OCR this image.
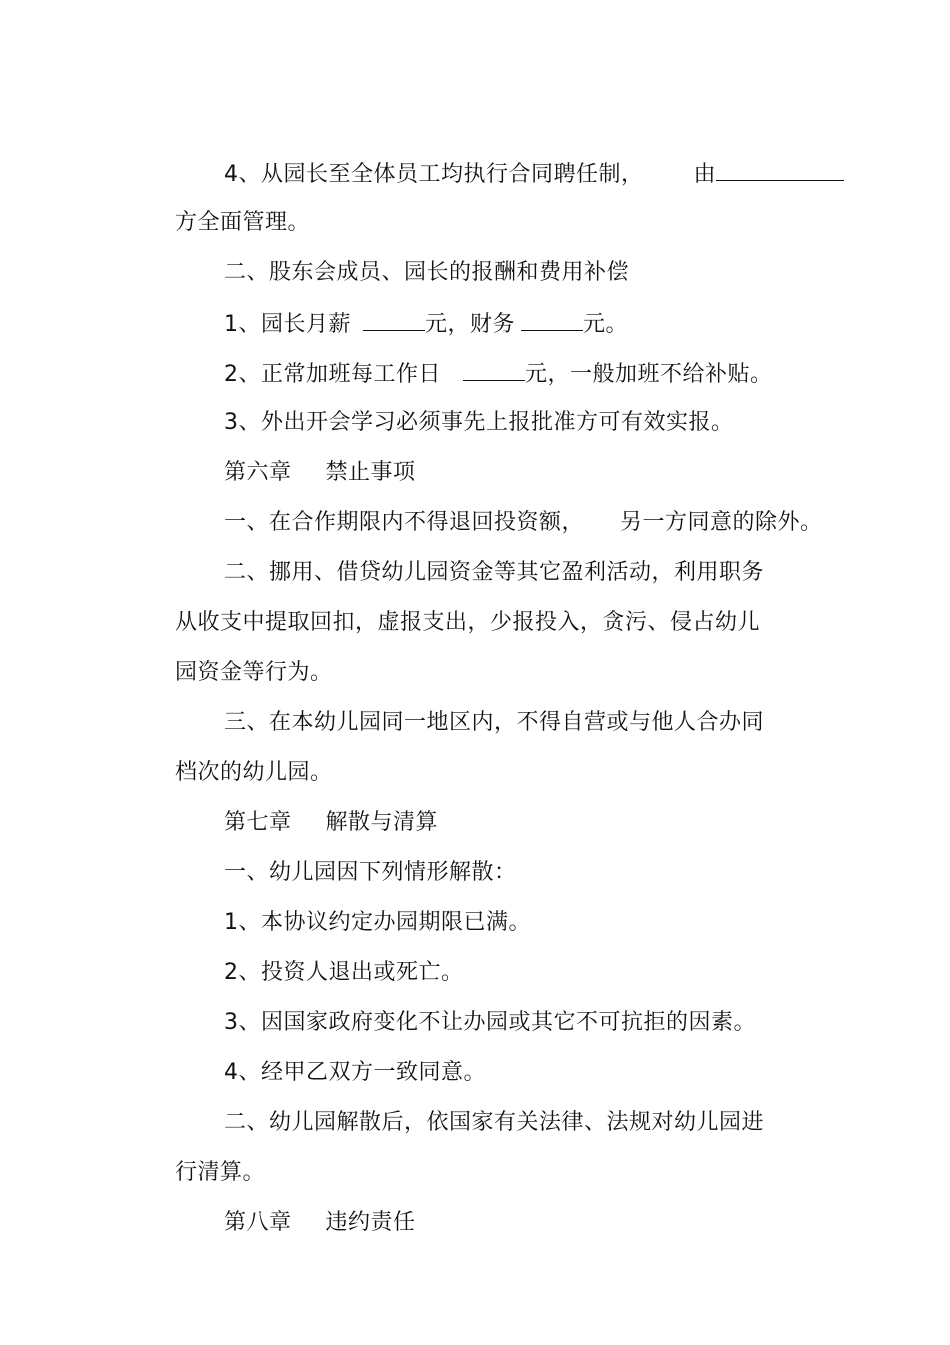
4、从园长至全体员工均执行合同聘任制， 由

方全面管理。

二、股东会成员、园长的报酬和费用补偿

1、园长月薪	元，财务	元。

2、正常加班每工作日	元，一般加班不给补贴。

3、外出开会学习必须事先上报批准方可有效实报。

第六章 禁止事项

一、在合作期限内不得退回投资额， 另一方同意的除外。

二、挪用、借贷幼儿园资金等其它盈利活动，利用职务

从收支中提取回扣，虚报支出，少报投入，贪污、侵占幼儿

园资金等行为。

三、在本幼儿园同一地区内，不得自营或与他人合办同

档次的幼儿园。

第七章 解散与清算

一、幼儿园因下列情形解散：

1、本协议约定办园期限已满。

2、投资人退出或死亡。

3、因国家政府变化不让办园或其它不可抗拒的因素。

4、经甲乙双方一致同意。

二、幼儿园解散后，依国家有关法律、法规对幼儿园进

行清算。

第八章 违约责任
